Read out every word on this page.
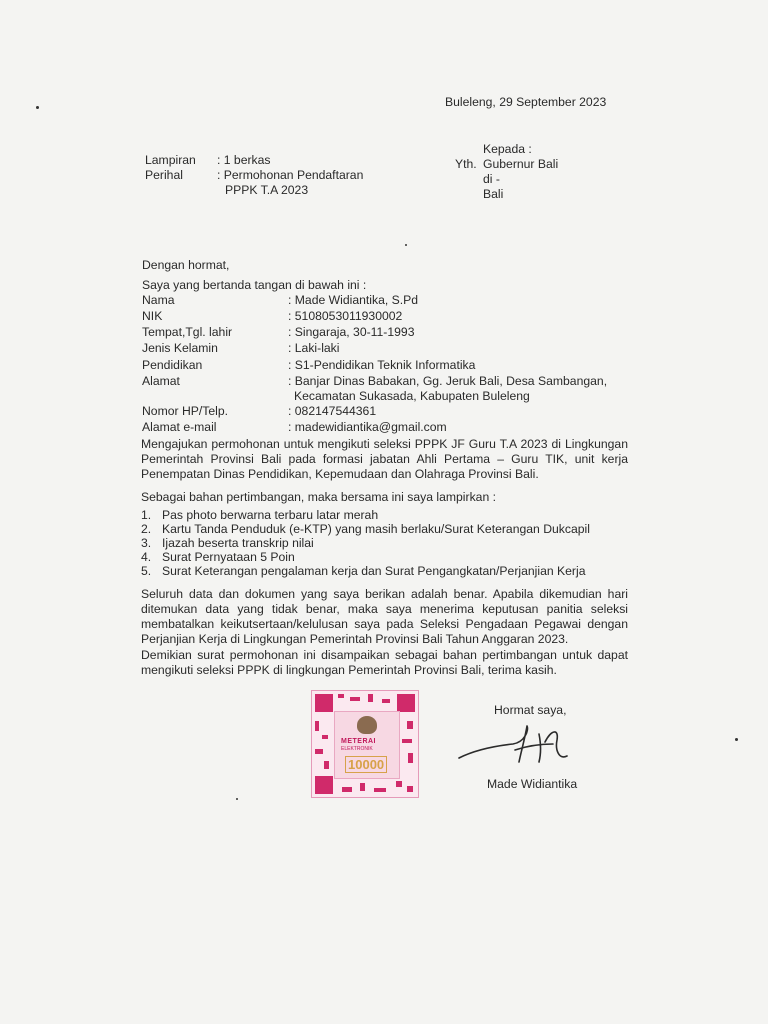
Buleleng, 29 September 2023
Lampiran	: 1 berkas
Perihal	: Permohonan Pendaftaran
PPPK T.A 2023
Kepada :
Yth. Gubernur Bali
di -
Bali
Dengan hormat,
Saya yang bertanda tangan di bawah ini :
Nama	: Made Widiantika, S.Pd
NIK	: 5108053011930002
Tempat,Tgl. lahir	: Singaraja, 30-11-1993
Jenis Kelamin	: Laki-laki
Pendidikan	: S1-Pendidikan Teknik Informatika
Alamat	: Banjar Dinas Babakan, Gg. Jeruk Bali, Desa Sambangan,
Kecamatan Sukasada, Kabupaten Buleleng
Nomor HP/Telp.	: 082147544361
Alamat e-mail	: madewidiantika@gmail.com
Mengajukan permohonan untuk mengikuti seleksi PPPK JF Guru T.A 2023 di Lingkungan Pemerintah Provinsi Bali pada formasi jabatan Ahli Pertama – Guru TIK, unit kerja Penempatan Dinas Pendidikan, Kepemudaan dan Olahraga Provinsi Bali.
Sebagai bahan pertimbangan, maka bersama ini saya lampirkan :
1. Pas photo berwarna terbaru latar merah
2. Kartu Tanda Penduduk (e-KTP) yang masih berlaku/Surat Keterangan Dukcapil
3. Ijazah beserta transkrip nilai
4. Surat Pernyataan 5 Poin
5. Surat Keterangan pengalaman kerja dan Surat Pengangkatan/Perjanjian Kerja
Seluruh data dan dokumen yang saya berikan adalah benar. Apabila dikemudian hari ditemukan data yang tidak benar, maka saya menerima keputusan panitia seleksi membatalkan keikutsertaan/kelulusan saya pada Seleksi Pengadaan Pegawai dengan Perjanjian Kerja di Lingkungan Pemerintah Provinsi Bali Tahun Anggaran 2023.
Demikian surat permohonan ini disampaikan sebagai bahan pertimbangan untuk dapat mengikuti seleksi PPPK di lingkungan Pemerintah Provinsi Bali, terima kasih.
METERAI
ELEKTRONIK
10000
Hormat saya,
Made Widiantika
